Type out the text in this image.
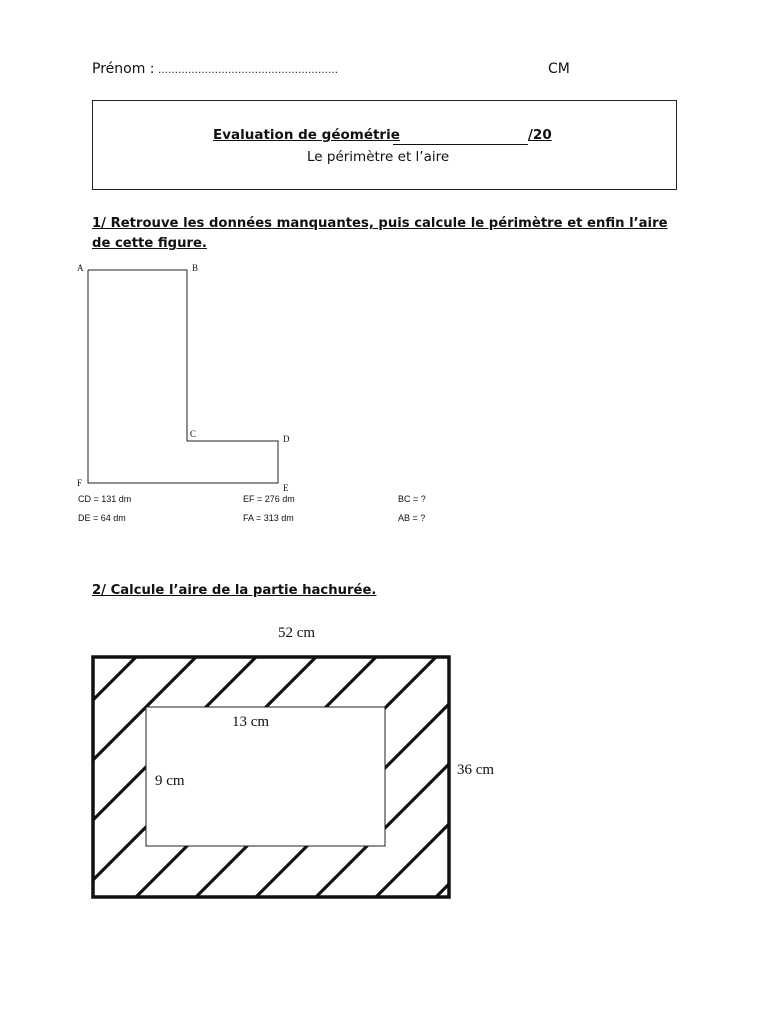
Prénom : ………………………………………………	CM
Evaluation de géométrie	/20
Le périmètre et l’aire
1/ Retrouve les données manquantes, puis calcule le périmètre et enfin l’aire
de cette figure.
A	B
C	D
F	E
CD = 131 dm	EF = 276 dm	BC = ?
DE = 64 dm	FA = 313 dm	AB = ?
2/ Calcule l’aire de la partie hachurée.
52 cm
36 cm
13 cm
9 cm
